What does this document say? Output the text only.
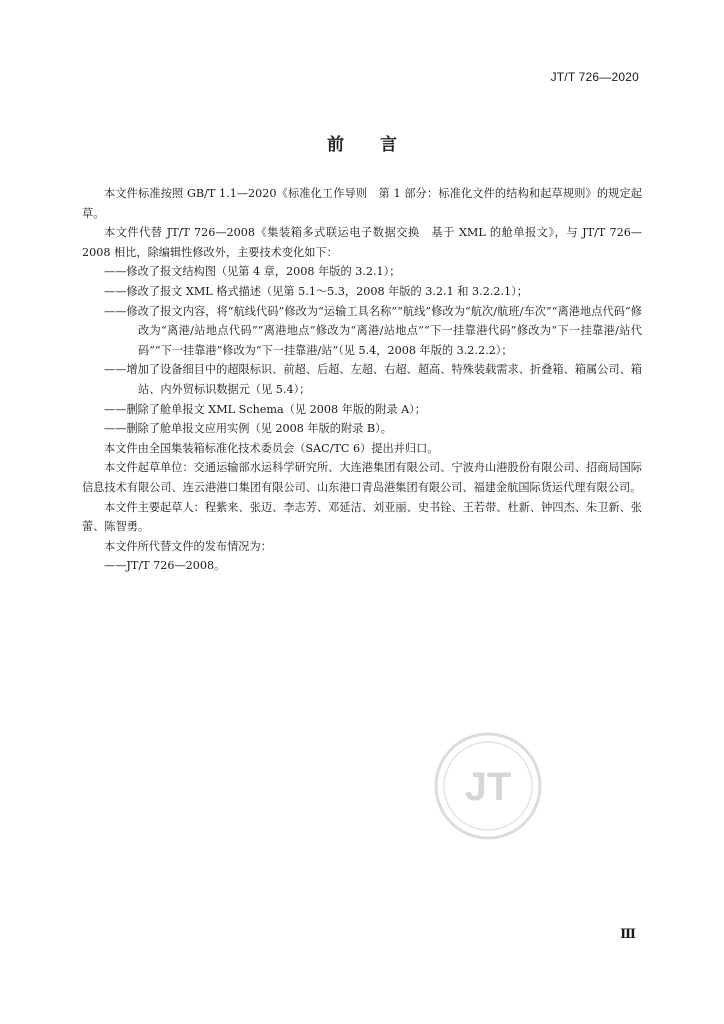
JT/T 726—2020
前言

本文件标准按照 GB/T 1.1—2020《标准化工作导则　第 1 部分：标准化文件的结构和起草规则》的规定起草。

本文件代替 JT/T 726—2008《集装箱多式联运电子数据交换　基于 XML 的舱单报文》，与 JT/T 726—2008 相比，除编辑性修改外，主要技术变化如下：

——修改了报文结构图（见第 4 章，2008 年版的 3.2.1）；

——修改了报文 XML 格式描述（见第 5.1～5.3，2008 年版的 3.2.1 和 3.2.2.1）；

——修改了报文内容，将“航线代码”修改为“运输工具名称”“航线”修改为“航次/航班/车次”“离港地点代码”修改为“离港/站地点代码”“离港地点”修改为“离港/站地点”“下一挂靠港代码”修改为“下一挂靠港/站代码”“下一挂靠港”修改为“下一挂靠港/站”（见 5.4，2008 年版的 3.2.2.2）；

——增加了设备细目中的超限标识、前超、后超、左超、右超、超高、特殊装载需求、折叠箱、箱属公司、箱站、内外贸标识数据元（见 5.4）；

——删除了舱单报文 XML Schema（见 2008 年版的附录 A）；

——删除了舱单报文应用实例（见 2008 年版的附录 B）。

本文件由全国集装箱标准化技术委员会（SAC/TC 6）提出并归口。

本文件起草单位：交通运输部水运科学研究所、大连港集团有限公司、宁波舟山港股份有限公司、招商局国际信息技术有限公司、连云港港口集团有限公司、山东港口青岛港集团有限公司、福建金航国际货运代理有限公司。

本文件主要起草人：程紫来、张迈、李志芳、邓延洁、刘亚丽、史书铨、王若带、杜新、钟四杰、朱卫新、张蕾、陈智勇。

本文件所代替文件的发布情况为：

——JT/T 726—2008。

JT
Ⅲ
